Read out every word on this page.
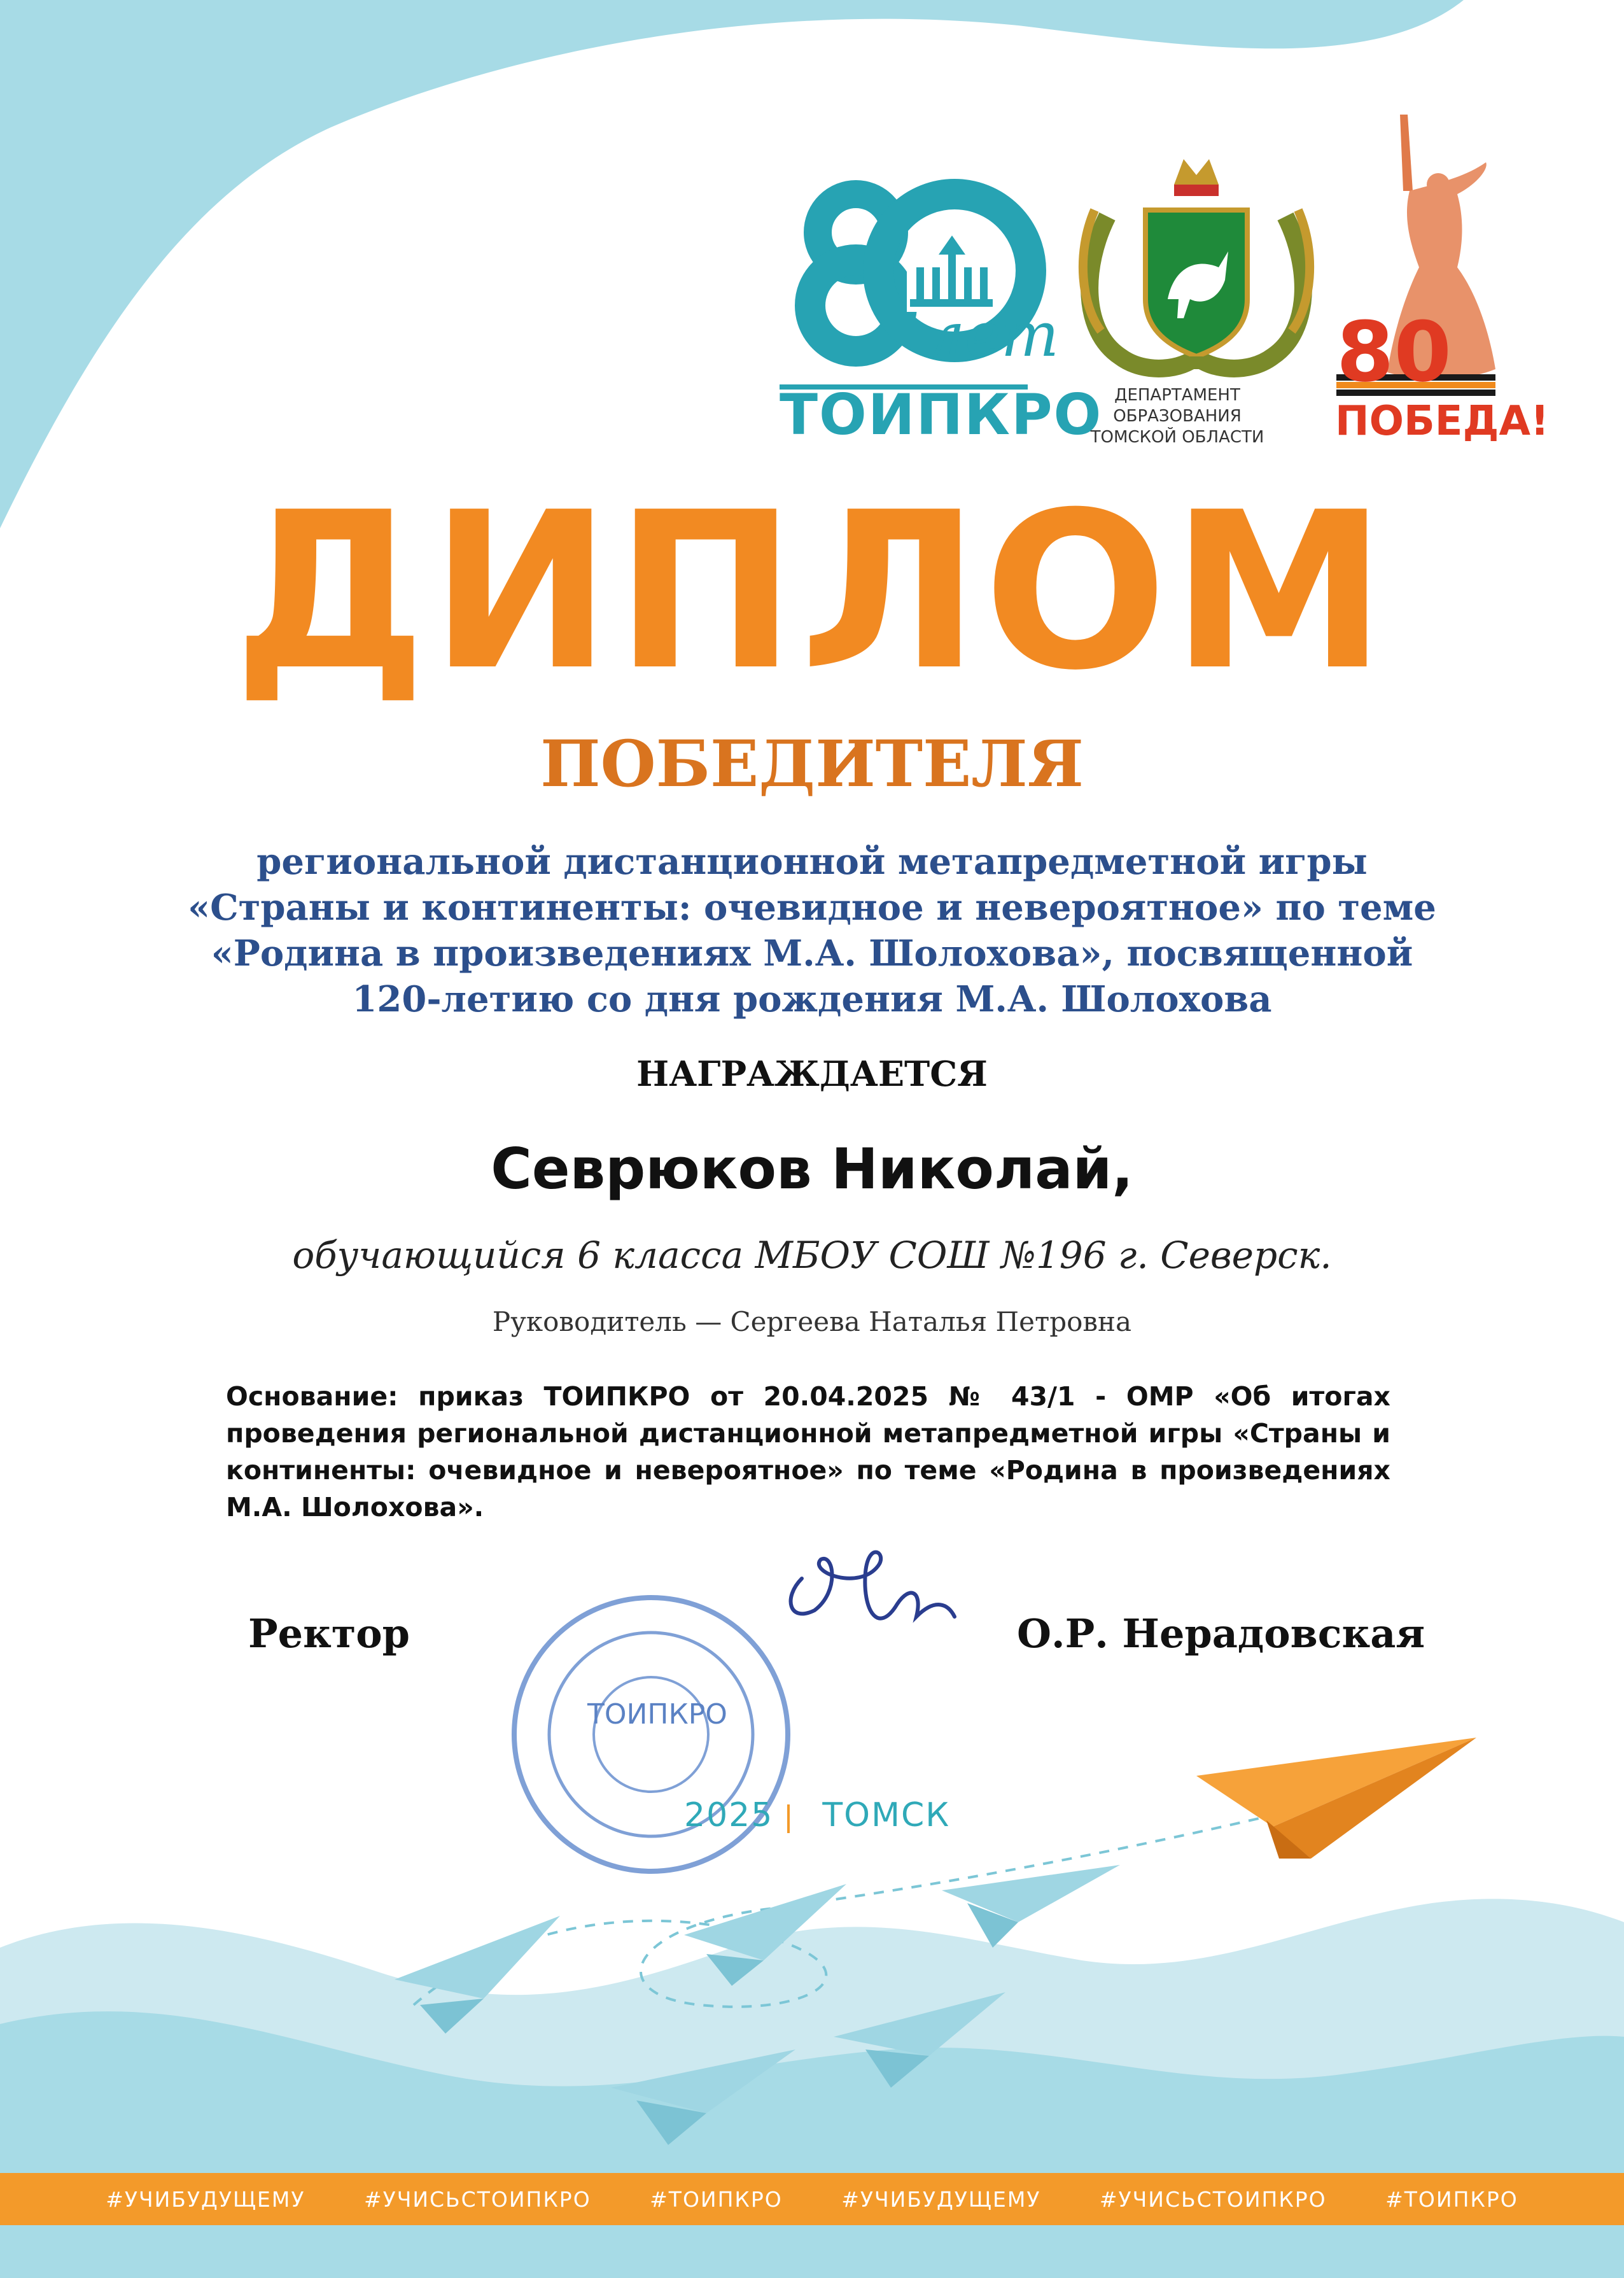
лет
ТОИПКРО ДЕПАРТАМЕНТ
ОБРАЗОВАНИЯ
ТОМСКОЙ ОБЛАСТИ
80
ПОБЕДА!
ДИПЛОМ
ПОБЕДИТЕЛЯ
региональной дистанционной метапредметной игры
«Страны и континенты: очевидное и невероятное» по теме
«Родина в произведениях М.А. Шолохова», посвященной
120-летию со дня рождения М.А. Шолохова
НАГРАЖДАЕТСЯ
Севрюков Николай,
обучающийся 6 класса МБОУ СОШ №196 г. Северск.
Руководитель — Сергеева Наталья Петровна
Основание: приказ ТОИПКРО от 20.04.2025 № 43/1 - ОМР «Об итогах проведения региональной дистанционной метапредметной игры «Страны и континенты: очевидное и невероятное» по теме «Родина в произведениях М.А. Шолохова».
Ректор	О.Р. Нерадовская
ТОИПКРО
2025 ТОМСК
#УЧИБУДУЩЕМУ	#УЧИСЬСТОИПКРО	#ТОИПКРО	#УЧИБУДУЩЕМУ	#УЧИСЬСТОИПКРО	#ТОИПКРО
